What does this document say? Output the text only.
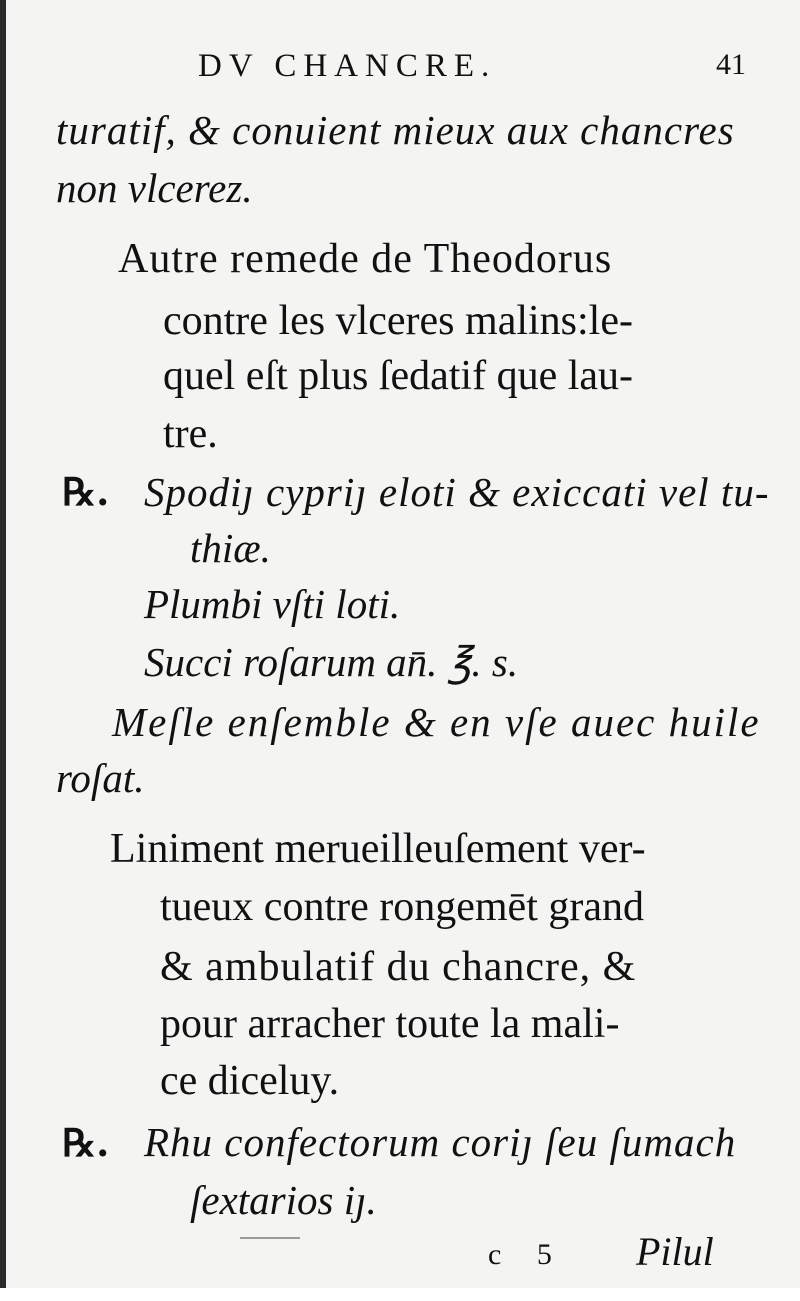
DV CHANCRE.	41
turatif, & conuient mieux aux chancres
non vlcerez.
Autre remede de Theodorus
contre les vlceres malins:le-
quel eſt plus ſedatif que lau-
tre.
℞. Spodiȷ cypriȷ eloti & exiccati vel tu-
thiæ.
Plumbi vſti loti.
Succi roſarum an̄. ℥. s.
Meſle enſemble & en vſe auec huile
roſat.
Liniment merueilleuſement ver-
tueux contre rongemēt grand
& ambulatif du chancre, &
pour arracher toute la mali-
ce diceluy.
℞. Rhu confectorum coriȷ ſeu ſumach
ſextarios iȷ.
c 5 Pilul
